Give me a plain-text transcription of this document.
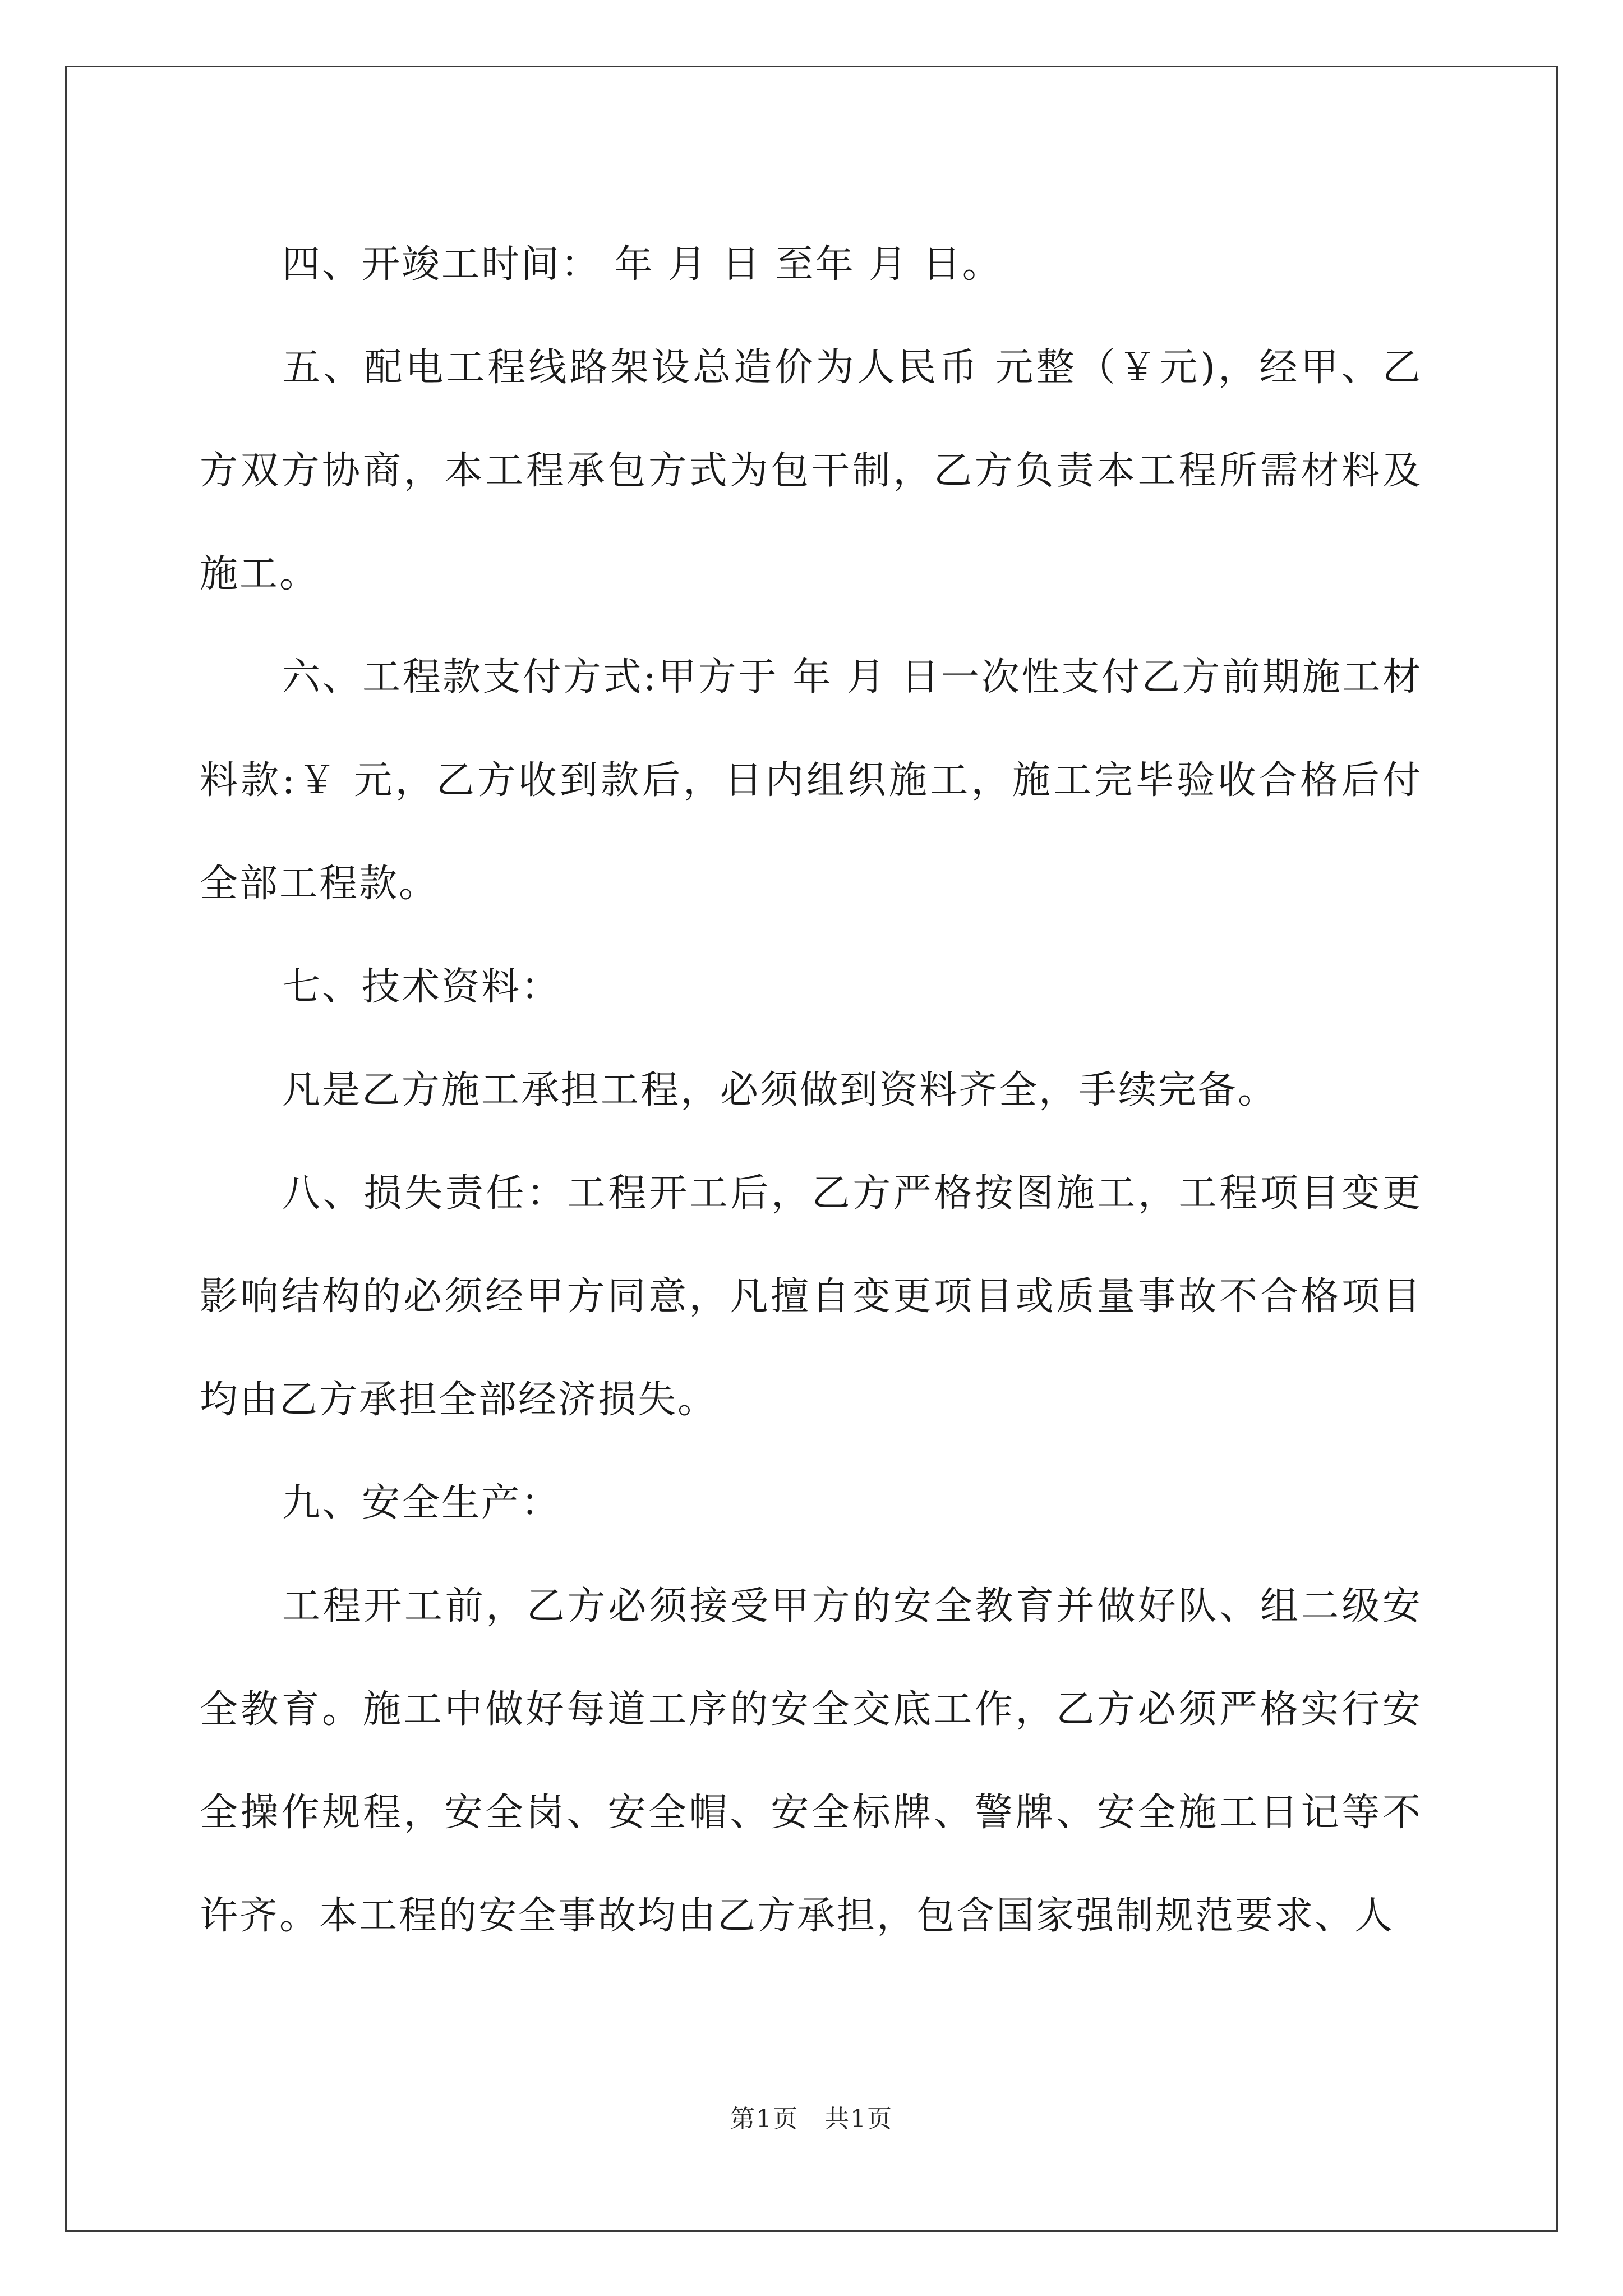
四、开竣工时间： 年 月 日 至年 月 日。

五、配电工程线路架设总造价为人民币 元整（￥元)，经甲、乙方双方协商，本工程承包方式为包干制，乙方负责本工程所需材料及施工。

六、工程款支付方式:甲方于 年 月 日一次性支付乙方前期施工材料款:￥ 元，乙方收到款后，日内组织施工，施工完毕验收合格后付全部工程款。

七、技术资料：

凡是乙方施工承担工程，必须做到资料齐全，手续完备。

八、损失责任：工程开工后，乙方严格按图施工，工程项目变更影响结构的必须经甲方同意，凡擅自变更项目或质量事故不合格项目均由乙方承担全部经济损失。

九、安全生产：

工程开工前，乙方必须接受甲方的安全教育并做好队、组二级安全教育。施工中做好每道工序的安全交底工作，乙方必须严格实行安全操作规程，安全岗、安全帽、安全标牌、警牌、安全施工日记等不许齐。本工程的安全事故均由乙方承担，包含国家强制规范要求、人

第1页　共1页
